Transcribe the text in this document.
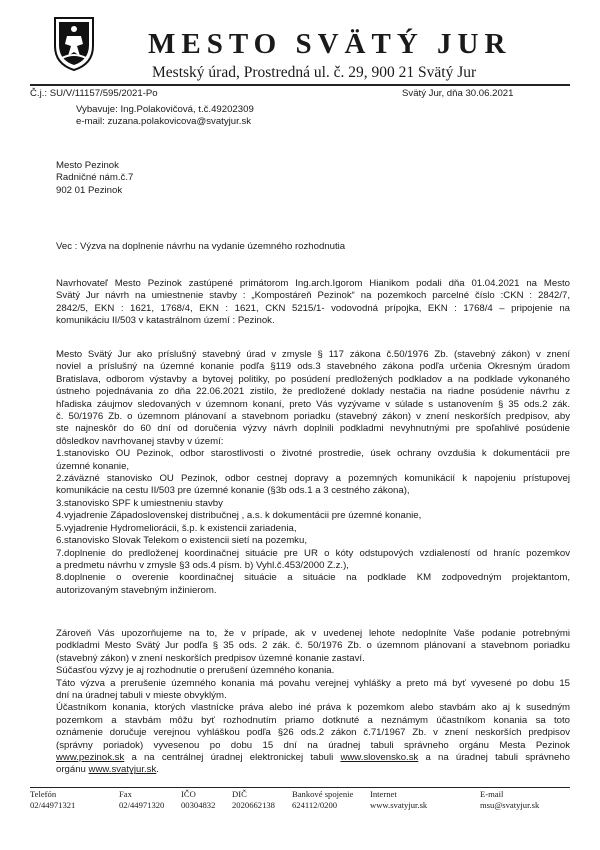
MESTO SVÄTÝ JUR
Mestský úrad, Prostredná ul. č. 29, 900 21 Svätý Jur
Č.j.: SU/V/11157/595/2021-Po	Svätý Jur, dňa 30.06.2021
Vybavuje: Ing.Polakovičová, t.č.49202309
e-mail: zuzana.polakovicova@svatyjur.sk
Mesto Pezinok
Radničné nám.č.7
902 01 Pezinok
Vec : Výzva na doplnenie návrhu na vydanie územného rozhodnutia
Navrhovateľ Mesto Pezinok zastúpené primátorom Ing.arch.Igorom Hianikom podali dňa 01.04.2021 na Mesto
Svätý Jur návrh na umiestnenie stavby : „Kompostáreň Pezinok“ na pozemkoch parcelné číslo :CKN : 2842/7,
2842/5, EKN : 1621, 1768/4, EKN : 1621, CKN 5215/1- vodovodná prípojka, EKN : 1768/4 – pripojenie na
komunikáciu II/503 v katastrálnom území : Pezinok.
Mesto Svätý Jur ako príslušný stavebný úrad v zmysle § 117 zákona č.50/1976 Zb. (stavebný zákon) v znení
noviel a príslušný na územné konanie podľa §119 ods.3 stavebného zákona podľa určenia Okresným úradom
Bratislava, odborom výstavby a bytovej politiky, po posúdení predložených podkladov a na podklade vykonaného
ústneho pojednávania zo dňa 22.06.2021 zistilo, že predložené doklady nestačia na riadne posúdenie návrhu z
hľadiska záujmov sledovaných v územnom konaní, preto Vás vyzývame v súlade s ustanovením § 35 ods.2 zák.
č. 50/1976 Zb. o územnom plánovaní a stavebnom poriadku (stavebný zákon) v znení neskorších predpisov, aby
ste najneskôr do 60 dní od doručenia výzvy návrh doplnili podkladmi nevyhnutnými pre spoľahlivé posúdenie
dôsledkov navrhovanej stavby v území:
1.stanovisko OU Pezinok, odbor starostlivosti o životné prostredie, úsek ochrany ovzdušia k dokumentácii pre
územné konanie,
2.záväzné stanovisko OU Pezinok, odbor cestnej dopravy a pozemných komunikácií k napojeniu prístupovej
komunikácie na cestu II/503 pre územné konanie (§3b ods.1 a 3 cestného zákona),
3.stanovisko SPF k umiestneniu stavby
4.vyjadrenie Západoslovenskej distribučnej , a.s. k dokumentácii pre územné konanie,
5.vyjadrenie Hydromeliorácii, š.p. k existencii zariadenia,
6.stanovisko Slovak Telekom o existencii sietí na pozemku,
7.doplnenie do predloženej koordinačnej situácie pre UR o kóty odstupových vzdialeností od hraníc pozemkov
a predmetu návrhu v zmysle §3 ods.4 písm. b) Vyhl.č.453/2000 Z.z.),
8.doplnenie o overenie koordinačnej situácie a situácie na podklade KM zodpovedným projektantom,
autorizovaným stavebným inžinierom.
Zároveň Vás upozorňujeme na to, že v prípade, ak v uvedenej lehote nedoplníte Vaše podanie potrebnými
podkladmi Mesto Svätý Jur podľa § 35 ods. 2 zák. č. 50/1976 Zb. o územnom plánovaní a stavebnom poriadku
(stavebný zákon) v znení neskorších predpisov územné konanie zastaví.
Súčasťou výzvy je aj rozhodnutie o prerušení územného konania.
Táto výzva a prerušenie územného konania má povahu verejnej vyhlášky a preto má byť vyvesené po dobu 15
dní na úradnej tabuli v mieste obvyklým.
Účastníkom konania, ktorých vlastnícke práva alebo iné práva k pozemkom alebo stavbám ako aj k susedným
pozemkom a stavbám môžu byť rozhodnutím priamo dotknuté a neznámym účastníkom konania sa toto
oznámenie doručuje verejnou vyhláškou podľa §26 ods.2 zákon č.71/1967 Zb. v znení neskorších predpisov
(správny poriadok) vyvesenou po dobu 15 dní na úradnej tabuli správneho orgánu Mesta Pezinok
www.pezinok.sk a na centrálnej úradnej elektronickej tabuli www.slovensko.sk a na úradnej tabuli správneho
orgánu www.svatyjur.sk.
Telefón
02/44971321
Fax
02/44971320
IČO
00304832
DIČ
2020662138
Bankové spojenie
624112/0200
Internet
www.svatyjur.sk
E-mail
msu@svatyjur.sk
